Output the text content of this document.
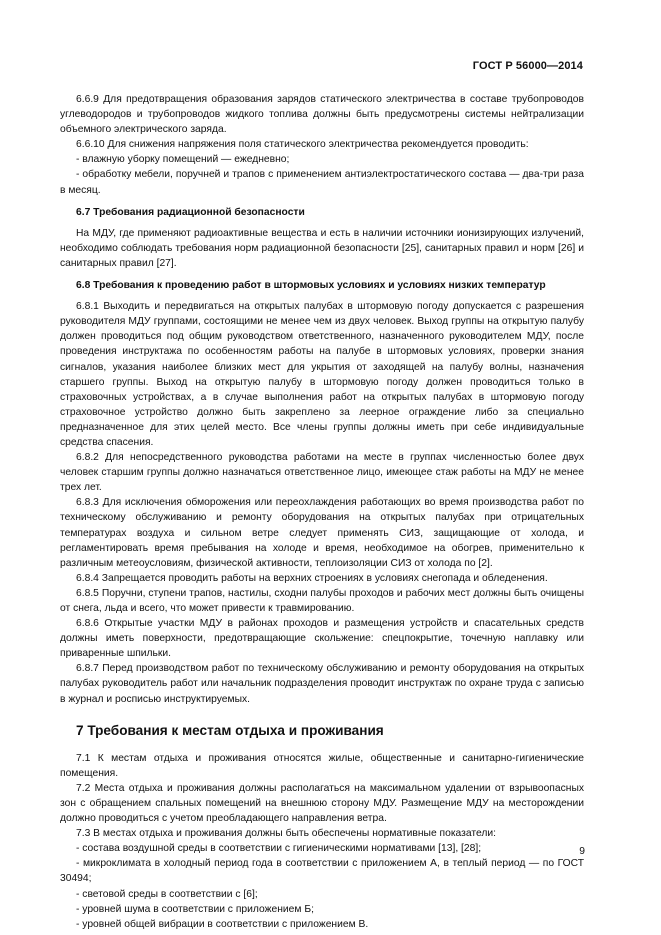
ГОСТ Р 56000—2014

6.6.9 Для предотвращения образования зарядов статического электричества в составе трубопроводов углеводородов и трубопроводов жидкого топлива должны быть предусмотрены системы нейтрализации объемного электрического заряда.

6.6.10 Для снижения напряжения поля статического электричества рекомендуется проводить:

- влажную уборку помещений — ежедневно;

- обработку мебели, поручней и трапов с применением антиэлектростатического состава — два-три раза в месяц.

6.7 Требования радиационной безопасности

На МДУ, где применяют радиоактивные вещества и есть в наличии источники ионизирующих излучений, необходимо соблюдать требования норм радиационной безопасности [25], санитарных правил и норм [26] и санитарных правил [27].

6.8 Требования к проведению работ в штормовых условиях и условиях низких температур

6.8.1 Выходить и передвигаться на открытых палубах в штормовую погоду допускается с разрешения руководителя МДУ группами, состоящими не менее чем из двух человек. Выход группы на открытую палубу должен проводиться под общим руководством ответственного, назначенного руководителем МДУ, после проведения инструктажа по особенностям работы на палубе в штормовых условиях, проверки знания сигналов, указания наиболее близких мест для укрытия от заходящей на палубу волны, назначения старшего группы. Выход на открытую палубу в штормовую погоду должен проводиться только в страховочных устройствах, а в случае выполнения работ на открытых палубах в штормовую погоду страховочное устройство должно быть закреплено за леерное ограждение либо за специально предназначенное для этих целей место. Все члены группы должны иметь при себе индивидуальные средства спасения.

6.8.2 Для непосредственного руководства работами на месте в группах численностью более двух человек старшим группы должно назначаться ответственное лицо, имеющее стаж работы на МДУ не менее трех лет.

6.8.3 Для исключения обморожения или переохлаждения работающих во время производства работ по техническому обслуживанию и ремонту оборудования на открытых палубах при отрицательных температурах воздуха и сильном ветре следует применять СИЗ, защищающие от холода, и регламентировать время пребывания на холоде и время, необходимое на обогрев, применительно к различным метеоусловиям, физической активности, теплоизоляции СИЗ от холода по [2].

6.8.4 Запрещается проводить работы на верхних строениях в условиях снегопада и обледенения.

6.8.5 Поручни, ступени трапов, настилы, сходни палубы проходов и рабочих мест должны быть очищены от снега, льда и всего, что может привести к травмированию.

6.8.6 Открытые участки МДУ в районах проходов и размещения устройств и спасательных средств должны иметь поверхности, предотвращающие скольжение: спецпокрытие, точечную наплавку или приваренные шпильки.

6.8.7 Перед производством работ по техническому обслуживанию и ремонту оборудования на открытых палубах руководитель работ или начальник подразделения проводит инструктаж по охране труда с записью в журнал и росписью инструктируемых.

7 Требования к местам отдыха и проживания

7.1 К местам отдыха и проживания относятся жилые, общественные и санитарно-гигиенические помещения.

7.2 Места отдыха и проживания должны располагаться на максимальном удалении от взрывоопасных зон с обращением спальных помещений на внешнюю сторону МДУ. Размещение МДУ на месторождении должно проводиться с учетом преобладающего направления ветра.

7.3 В местах отдыха и проживания должны быть обеспечены нормативные показатели:

- состава воздушной среды в соответствии с гигиеническими нормативами [13], [28];

- микроклимата в холодный период года в соответствии с приложением А, в теплый период — по ГОСТ 30494;

- световой среды в соответствии с [6];

- уровней шума в соответствии с приложением Б;

- уровней общей вибрации в соответствии с приложением В.

9
